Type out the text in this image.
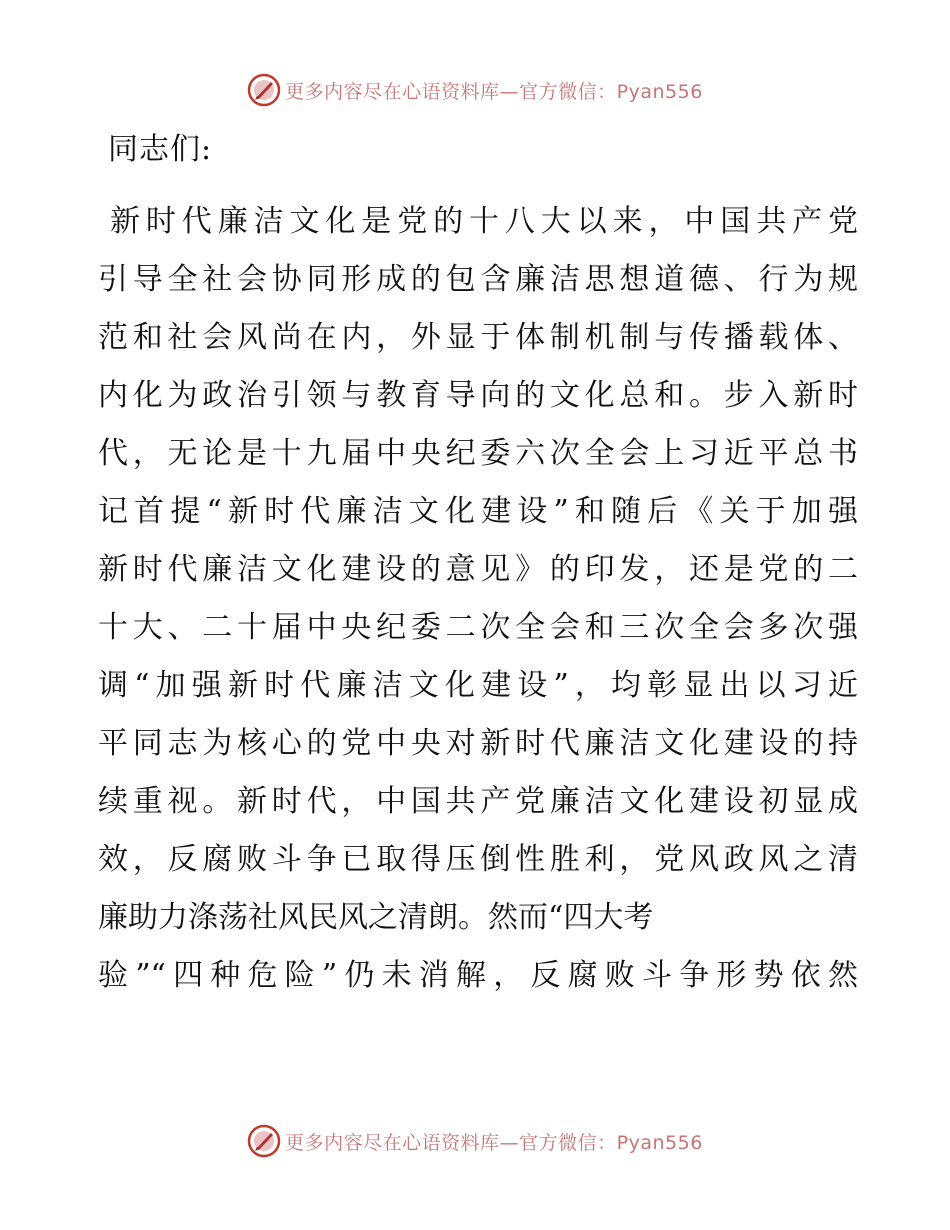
更多内容尽在心语资料库—官方微信：Pyan556
同志们:
新时代廉洁文化是党的十八大以来，中国共产党
引导全社会协同形成的包含廉洁思想道德、行为规
范和社会风尚在内，外显于体制机制与传播载体、
内化为政治引领与教育导向的文化总和。步入新时
代，无论是十九届中央纪委六次全会上习近平总书
记首提“新时代廉洁文化建设”和随后《关于加强
新时代廉洁文化建设的意见》的印发，还是党的二
十大、二十届中央纪委二次全会和三次全会多次强
调“加强新时代廉洁文化建设”，均彰显出以习近
平同志为核心的党中央对新时代廉洁文化建设的持
续重视。新时代，中国共产党廉洁文化建设初显成
效，反腐败斗争已取得压倒性胜利，党风政风之清
廉助力涤荡社风民风之清朗。然而“四大考
验”“四种危险”仍未消解，反腐败斗争形势依然
更多内容尽在心语资料库—官方微信：Pyan556
